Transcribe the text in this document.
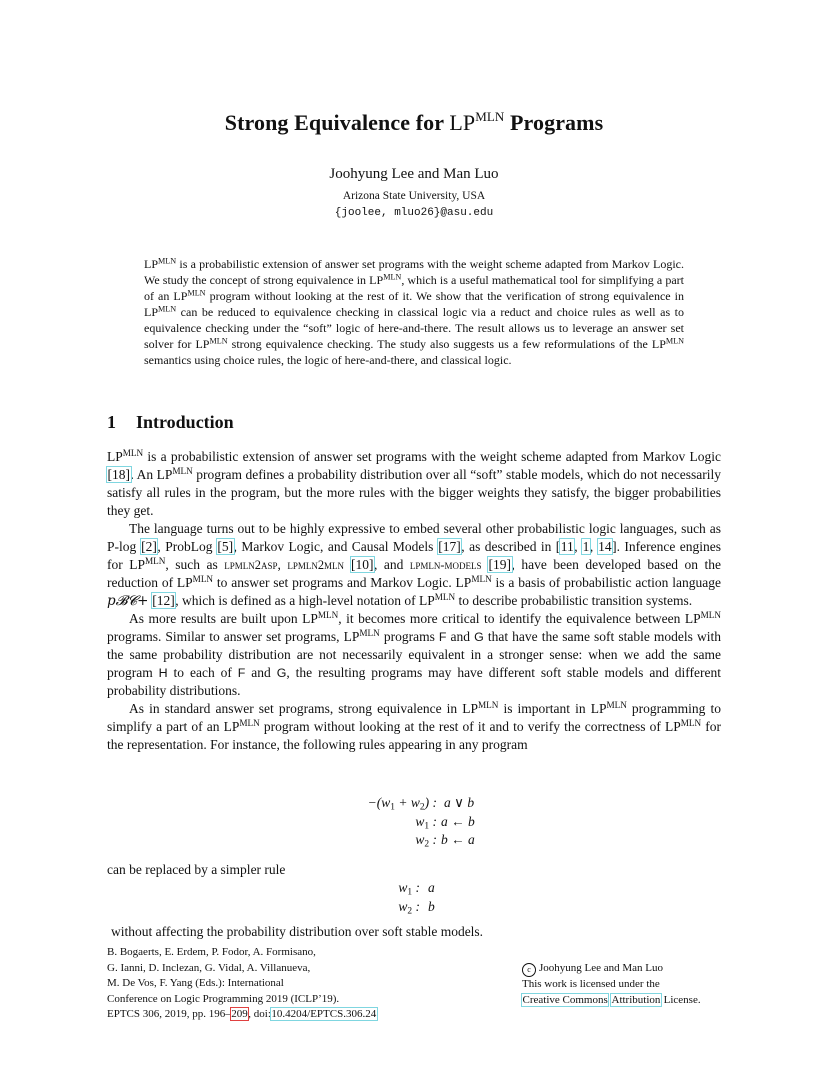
Strong Equivalence for $LP^{MLN}$ Programs
Joohyung Lee and Man Luo
Arizona State University, USA
{joolee, mluo26}@asu.edu

$LP^{MLN}$ is a probabilistic extension of answer set programs with the weight scheme adapted from Markov Logic. We study the concept of strong equivalence in $LP^{MLN}$, which is a useful mathematical tool for simplifying a part of an $LP^{MLN}$ program without looking at the rest of it. We show that the verification of strong equivalence in $LP^{MLN}$ can be reduced to equivalence checking in classical logic via a reduct and choice rules as well as to equivalence checking under the “soft” logic of here-and-there. The result allows us to leverage an answer set solver for $LP^{MLN}$ strong equivalence checking. The study also suggests us a few reformulations of the $LP^{MLN}$ semantics using choice rules, the logic of here-and-there, and classical logic.

1 Introduction

$LP^{MLN}$ is a probabilistic extension of answer set programs with the weight scheme adapted from Markov Logic [18]. An $LP^{MLN}$ program defines a probability distribution over all “soft” stable models, which do not necessarily satisfy all rules in the program, but the more rules with the bigger weights they satisfy, the bigger probabilities they get.

The language turns out to be highly expressive to embed several other probabilistic logic languages, such as P-log [2], ProbLog [5], Markov Logic, and Causal Models [17], as described in [11, 1, 14]. Inference engines for $LP^{MLN}$, such as lpmln2asp, lpmln2mln [10], and lpmln-models [19], have been developed based on the reduction of $LP^{MLN}$ to answer set programs and Markov Logic. $LP^{MLN}$ is a basis of probabilistic action language p𝓑𝓒+ [12], which is defined as a high-level notation of $LP^{MLN}$ to describe probabilistic transition systems.

As more results are built upon $LP^{MLN}$, it becomes more critical to identify the equivalence between $LP^{MLN}$ programs. Similar to answer set programs, $LP^{MLN}$ programs F and G that have the same soft stable models with the same probability distribution are not necessarily equivalent in a stronger sense: when we add the same program H to each of F and G, the resulting programs may have different soft stable models and different probability distributions.

As in standard answer set programs, strong equivalence in $LP^{MLN}$ is important in $LP^{MLN}$ programming to simplify a part of an $LP^{MLN}$ program without looking at the rest of it and to verify the correctness of $LP^{MLN}$ for the representation. For instance, the following rules appearing in any program

$-(w_1 + w_2)$ : a ∨ b
$w_1$ : a ← b
$w_2$ : b ← a
can be replaced by a simpler rule
$w_1$ : a
$w_2$ : b
without affecting the probability distribution over soft stable models.
B. Bogaerts, E. Erdem, P. Fodor, A. Formisano,
G. Ianni, D. Inclezan, G. Vidal, A. Villanueva,
M. De Vos, F. Yang (Eds.): International
Conference on Logic Programming 2019 (ICLP’19).
EPTCS 306, 2019, pp. 196–209, doi:10.4204/EPTCS.306.24
c Joohyung Lee and Man Luo
This work is licensed under the
Creative Commons Attribution License.
